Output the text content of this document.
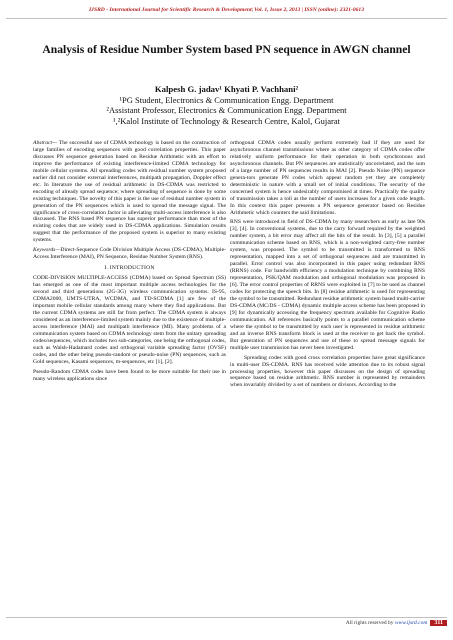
IJSRD - International Journal for Scientific Research & Development| Vol. 1, Issue 2, 2013 | ISSN (online): 2321-0613
Analysis of Residue Number System based PN sequence in AWGN channel
Kalpesh G. jadav¹ Khyati P. Vachhani²
¹PG Student, Electronics & Communication Engg. Department
²Assistant Professor, Electronics & Communication Engg. Department
¹,²Kalol Institute of Technology & Research Centre, Kalol, Gujarat

Abstract— The successful use of CDMA technology is based on the construction of large families of encoding sequences with good correlation properties. This paper discusses PN sequence generation based on Residue Arithmetic with an effort to improve the performance of existing interference-limited CDMA technology for mobile cellular systems. All spreading codes with residual number system proposed earlier did not consider external interferences, multipath propagation, Doppler effect etc. In literature the use of residual arithmetic in DS-CDMA was restricted to encoding of already spread sequence; where spreading of sequence is done by some existing techniques. The novelty of this paper is the use of residual number system in generation of the PN sequences which is used to spread the message signal. The significance of cross-correlation factor in alleviating multi-access interference is also discussed. The RNS based PN sequence has superior performance than most of the existing codes that are widely used in DS-CDMA applications. Simulation results suggest that the performance of the proposed system is superior to many existing systems.

Keywords—Direct-Sequence Code Division Multiple Access (DS-CDMA), Multiple-Access Interference (MAI), PN Sequence, Residue Number System (RNS).

I. INTRODUCTION

CODE-DIVISION MULTIPLE-ACCESS (CDMA) based on Spread Spectrum (SS) has emerged as one of the most important multiple access technologies for the second and third generations (2G-3G) wireless communication systems. IS-95, CDMA2000, UMTS-UTRA, WCDMA, and TD-SCDMA [1] are few of the important mobile cellular standards among many where they find applications. But the current CDMA systems are still far from perfect. The CDMA system is always considered as an interference-limited system mainly due to the existence of multiple-access interference (MAI) and multipath interference (MI). Many problems of a communication system based on CDMA technology stem from the unitary spreading codes/sequences, which includes two sub-categories, one being the orthogonal codes, such as Walsh-Hadamard codes and orthogonal variable spreading factor (OVSF) codes, and the other being pseudo-random or pseudo-noise (PN) sequences, such as Gold sequences, Kasami sequences, m-sequences, etc [1], [2].

Pseudo-Random CDMA codes have been found to be more suitable for their use in many wireless applications since

orthogonal CDMA codes usually perform extremely bad if they are used for asynchronous channel transmissions where as other category of CDMA codes offer relatively uniform performance for their operation in both synchronous and asynchronous channels. But PN sequences are statistically uncorrelated, and the sum of a large number of PN sequences results in MAI [2]. Pseudo Noise (PN) sequence genera-tors generate PN codes which appear random yet they are completely deterministic in nature with a small set of initial conditions. The security of the concerned system is hence undesirably compromised at times. Practically the quality of transmission takes a toll as the number of users increases for a given code length. In this context this paper presents a PN sequence generator based on Residue Arithmetic which counters the said limitations.

RNS were introduced in field of DS-CDMA by many researchers as early as late 90s [3], [4]. In conventional systems, due to the carry forward required by the weighted number system, a bit error may affect all the bits of the result. In [3], [5] a parallel communication scheme based on RNS, which is a non-weighted carry-free number system, was proposed. The symbol to be transmitted is transformed to RNS representation, mapped into a set of orthogonal sequences and are transmitted in parallel. Error control was also incorporated in this paper using redundant RNS (RRNS) code. For bandwidth efficiency a modulation technique by combining RNS representation, PSK/QAM modulation and orthogonal modulation was proposed in [6]. The error control properties of RRNS were exploited in [7] to be used as channel codes for protecting the speech bits. In [8] residue arithmetic is used for representing the symbol to be transmitted. Redundant residue arithmetic system based multi-carrier DS-CDMA (MC/DS - CDMA) dynamic multiple access scheme has been proposed in [9] for dynamically accessing the frequency spectrum available for Cognitive Radio communication. All references basically points to a parallel communication scheme where the symbol to be transmitted by each user is represented in residue arithmetic and an inverse RNS transform block is used at the receiver to get back the symbol. But generation of PN sequences and use of these to spread message signals for multiple user transmission has never been investigated.

Spreading codes with good cross correlation properties have great significance in multi-user DS-CDMA. RNS has received wide attention due to its robust signal processing properties, however this paper discusses on the design of spreading sequence based on residue arithmetic. RNS number is represented by remainders when invariably divided by a set of numbers or divisors. According to the

All rights reserved by www.ijsrd.com 311
